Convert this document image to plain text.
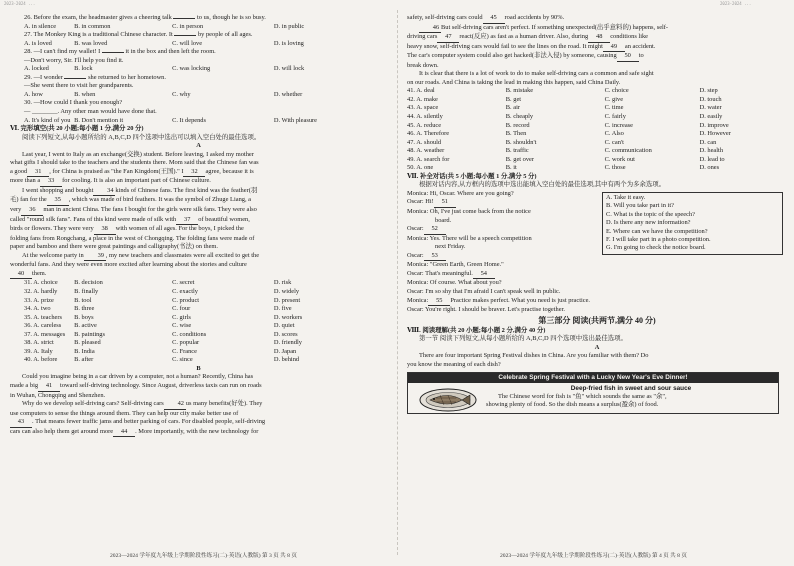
2023-2024 ...	2023-2024 ...
26. Before the exam, the headmaster gives a cheering talk	to us, though he is so busy.
A. in silence	B. in common	C. in person	D. in public
27. The Monkey King is a traditional Chinese character. It	by people of all ages.
A. is loved	B. was loved	C. will love	D. is loving
28. —I can't find my wallet! I	it in the box and then left the room.
—Don't worry, Sir. I'll help you find it.
A. locked	B. lock	C. was locking	D. will lock
29. —I wonder	she returned to her hometown.
—She went there to visit her grandparents.
A. how	B. when	C. why	D. whether
30. —How could I thank you enough?
— ________. Any other man would have done that.
A. It's kind of you B. Don't mention it	C. It depends	D. With pleasure
Ⅵ. 完形填空(共 20 小题;每小题 1 分,满分 20 分)
阅读下列短文,从每小题所给的 A,B,C,D 四个选项中选出可以填入空白处的最佳选项。
A
Last year, I went to Italy as an exchange(交换) student. Before leaving, I asked my mother
what gifts I should take to the teachers and the students there. Mom said that the Chinese fan was
a good 31 , for China is praised as "the Fan Kingdom(王国)." I 32 agree, because it is
more than a 33 for cooling. It is also an important part of Chinese culture.
I went shopping and bought 34 kinds of Chinese fans. The first kind was the feather(羽
毛) fan for the 35 , which was made of bird feathers. It was the symbol of Zhuge Liang, a
very 36 man in ancient China. The fans I bought for the girls were silk fans. They were also
called "round silk fans". Fans of this kind were made of silk with 37 of beautiful women,
birds or flowers. They were very 38 with women of all ages. For the boys, I picked the
folding fans from Rongchang, a place in the west of Chongqing. The folding fans were made of
paper and bamboo and there were great paintings and calligraphy(书法) on them.
At the welcome party in 39 , my new teachers and classmates were all excited to get the
wonderful fans. And they were even more excited after learning about the stories and culture
40 them.
31. A. choice	B. decision	C. secret	D. risk
32. A. hardly	B. finally	C. exactly	D. widely
33. A. prize	B. tool	C. product	D. present
34. A. two	B. three	C. four	D. five
35. A. teachers	B. boys	C. girls	D. workers
36. A. careless	B. active	C. wise	D. quiet
37. A. messages	B. paintings	C. conditions	D. scores
38. A. strict	B. pleased	C. popular	D. friendly
39. A. Italy	B. India	C. France	D. Japan
40. A. before	B. after	C. since	D. behind
B
Could you imagine being in a car driven by a computer, not a human? Recently, China has
made a big 41 toward self-driving technology. Since August, driverless taxis can run on roads
in Wuhan, Chongqing and Shenzhen.
Why do we develop self-driving cars? Self-driving cars 42 us many benefits(好处). They
use computers to sense the things around them. They can help our city make better use of
43 . That means fewer traffic jams and better parking of cars. For disabled people, self-driving
cars can also help them get around more 44 . More importantly, with the new technology for
2023—2024 学年度九年级上学期阶段性练习(二)·英语(人教版) 第 3 页 共 8 页
safety, self-driving cars could 45 road accidents by 90%.
46 But self-driving cars aren't perfect. If something unexpected(出乎意料的) happens, self-
driving cars 47 react(反应) as fast as a human driver. Also, during 48 conditions like
heavy snow, self-driving cars would fail to see the lines on the road. It might 49 an accident.
The car's computer system could also get hacked(非法入侵) by someone, causing 50 to
break down.
It is clear that there is a lot of work to do to make self-driving cars a common and safe sight
on our roads. And China is taking the lead in making this happen, said China Daily.
41. A. deal	B. mistake	C. choice	D. step
42. A. make	B. get	C. give	D. touch
43. A. space	B. air	C. time	D. water
44. A. silently	B. cheaply	C. fairly	D. easily
45. A. reduce	B. record	C. increase	D. improve
46. A. Therefore	B. Then	C. Also	D. However
47. A. should	B. shouldn't	C. can't	D. can
48. A. weather	B. traffic	C. communication	D. health
49. A. search for	B. get over	C. work out	D. lead to
50. A. one	B. it	C. those	D. ones
Ⅶ. 补全对话(共 5 小题;每小题 1 分,满分 5 分)
根据对话内容,从方框内的选项中选出能填入空白处的最佳选项,其中有两个为多余选项。
Monica: Hi, Oscar. Where are you going?
Oscar: Hi! 51
Monica: Oh, I've just come back from the notice
board.
Oscar: 52
Monica: Yes. There will be a speech competition
next Friday.
Oscar: 53
Monica: "Green Earth, Green Home."
Oscar: That's meaningful. 54
Monica: Of course. What about you?
Oscar: I'm so shy that I'm afraid I can't speak well in public.
Monica: 55 Practice makes perfect. What you need is just practice.
Oscar: You're right. I should be braver. Let's practise together.
A. Take it easy.
B. Will you take part in it?
C. What is the topic of the speech?
D. Is there any new information?
E. Where can we have the competition?
F. I will take part in a photo competition.
G. I'm going to check the notice board.
第三部分 阅读(共两节,满分 40 分)
Ⅷ. 阅读理解(共 20 小题;每小题 2 分,满分 40 分)
第一节 阅读下列短文,从每小题所给的 A,B,C,D 四个选项中选出最佳选项。
A
There are four important Spring Festival dishes in China. Are you familiar with them? Do
you know the meaning of each dish?
Celebrate Spring Festival with a Lucky New Year's Eve Dinner!
Deep-fried fish in sweet and sour sauce
The Chinese word for fish is "鱼" which sounds the same as "余",
showing plenty of food. So the dish means a surplus(盈余) of food.
2023—2024 学年度九年级上学期阶段性练习(二)·英语(人教版) 第 4 页 共 8 页
